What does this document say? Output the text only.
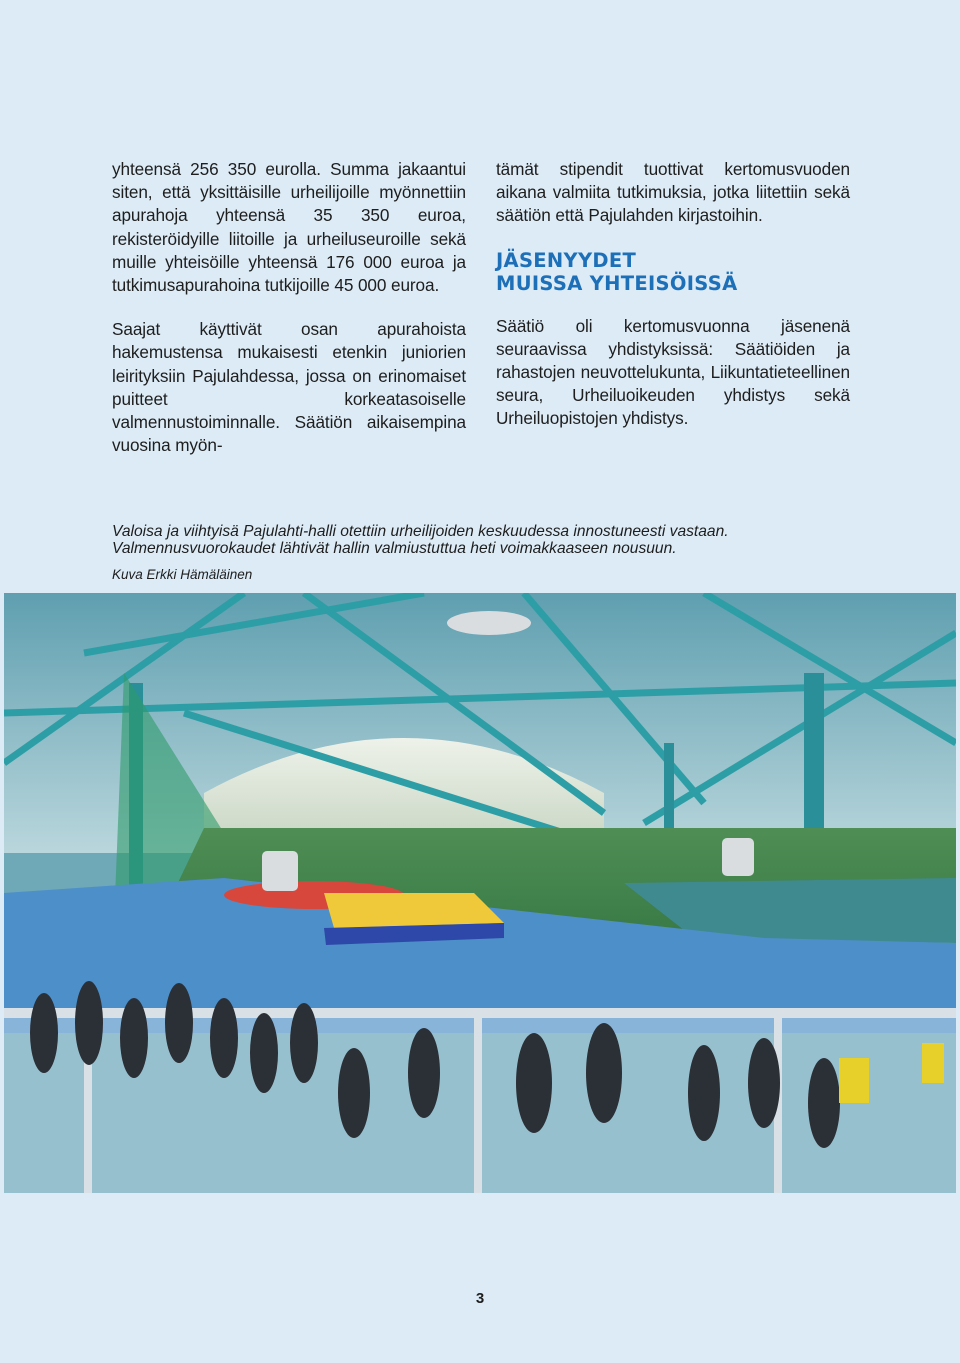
yhteensä 256 350 eurolla. Summa jakaantui siten, että yksittäisille urheilijoille myönnettiin apurahoja yhteensä 35 350 euroa, rekisteröidyille liitoille ja urheiluseuroille sekä muille yhteisöille yhteensä 176 000 euroa ja tutkimusapurahoina tutkijoille 45 000 euroa.

Saajat käyttivät osan apurahoista hakemustensa mukaisesti etenkin juniorien leirityksiin Pajulahdessa, jossa on erinomaiset puitteet korkeatasoiselle valmennustoiminnalle. Säätiön aikaisempina vuosina myön-

tämät stipendit tuottivat kertomusvuoden aikana valmiita tutkimuksia, jotka liitettiin sekä säätiön että Pajulahden kirjastoihin.

JÄSENYYDET
MUISSA YHTEISÖISSÄ

Säätiö oli kertomusvuonna jäsenenä seuraavissa yhdistyksissä: Säätiöiden ja rahastojen neuvottelukunta, Liikuntatieteellinen seura, Urheiluoikeuden yhdistys sekä Urheiluopistojen yhdistys.

Valoisa ja viihtyisä Pajulahti-halli otettiin urheilijoiden keskuudessa innostuneesti vastaan.
Valmennusvuorokaudet lähtivät hallin valmiustuttua heti voimakkaaseen nousuun.
Kuva Erkki Hämäläinen
3
